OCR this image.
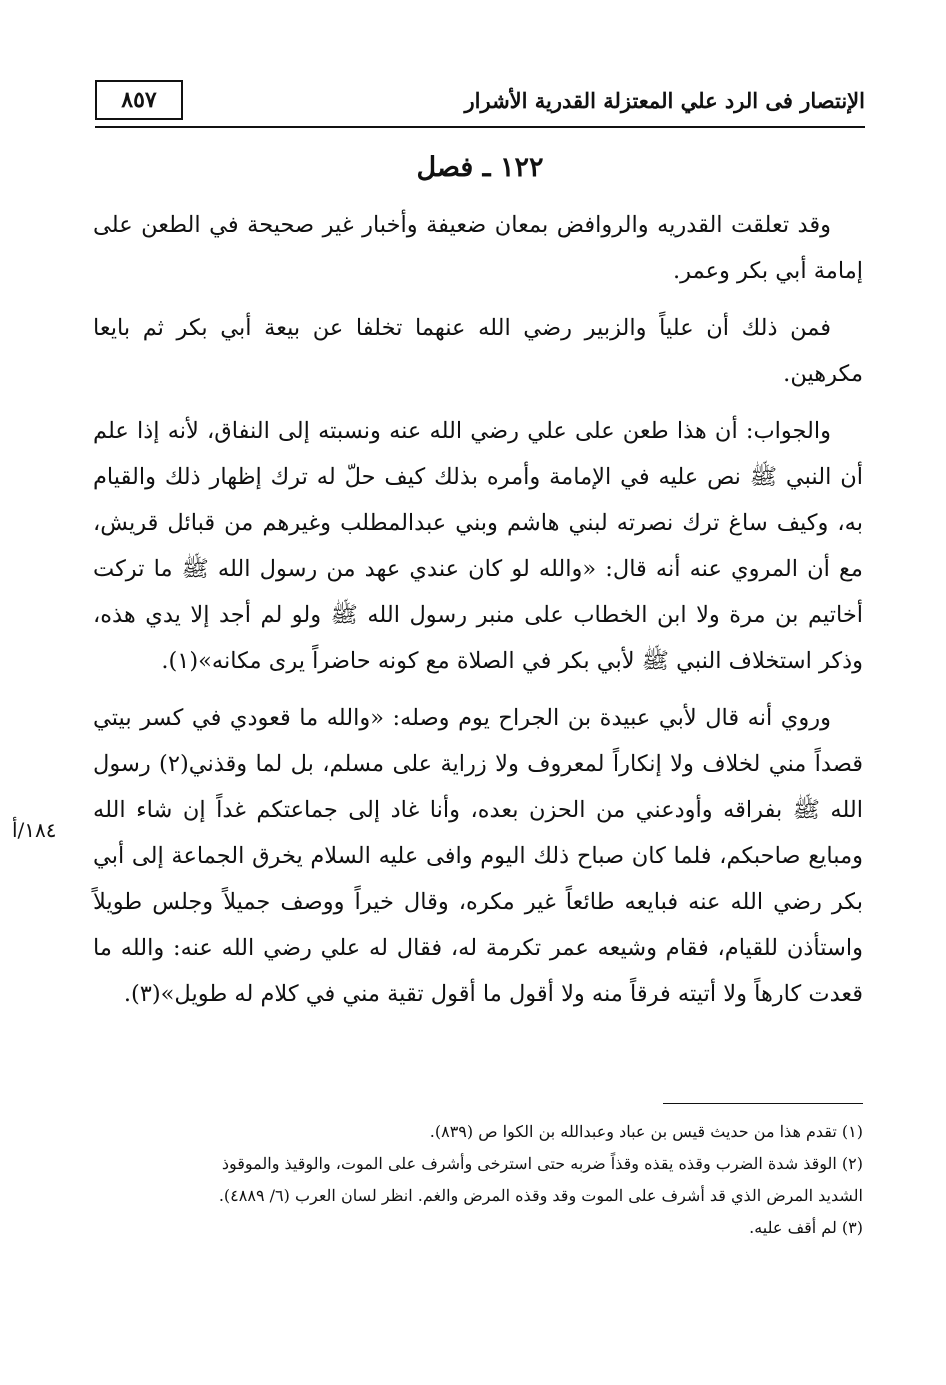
الإنتصار فى الرد علي المعتزلة القدرية الأشرار
٨٥٧
١٢٢ ـ فصل

وقد تعلقت القدريه والروافض بمعان ضعيفة وأخبار غير صحيحة في الطعن على إمامة أبي بكر وعمر.

فمن ذلك أن علياً والزبير رضي الله عنهما تخلفا عن بيعة أبي بكر ثم بايعا مكرهين.

والجواب: أن هذا طعن على علي رضي الله عنه ونسبته إلى النفاق، لأنه إذا علم أن النبي ﷺ نص عليه في الإمامة وأمره بذلك كيف حلّ له ترك إظهار ذلك والقيام به، وكيف ساغ ترك نصرته لبني هاشم وبني عبدالمطلب وغيرهم من قبائل قريش، مع أن المروي عنه أنه قال: «والله لو كان عندي عهد من رسول الله ﷺ ما تركت أخاتيم بن مرة ولا ابن الخطاب على منبر رسول الله ﷺ ولو لم أجد إلا يدي هذه، وذكر استخلاف النبي ﷺ لأبي بكر في الصلاة مع كونه حاضراً يرى مكانه»(١).

وروي أنه قال لأبي عبيدة بن الجراح يوم وصله: «والله ما قعودي في كسر بيتي قصداً مني لخلاف ولا إنكاراً لمعروف ولا زراية على مسلم، بل لما وقذني(٢) رسول الله ﷺ بفراقه وأودعني من الحزن بعده، وأنا غاد إلى جماعتكم غداً إن شاء الله ومبايع صاحبكم، فلما كان صباح ذلك اليوم وافى عليه السلام يخرق الجماعة إلى أبي بكر رضي الله عنه فبايعه طائعاً غير مكره، وقال خيراً ووصف جميلاً وجلس طويلاً واستأذن للقيام، فقام وشيعه عمر تكرمة له، فقال له علي رضي الله عنه: والله ما قعدت كارهاً ولا أتيته فرقاً منه ولا أقول ما أقول تقية مني في كلام له طويل»(٣).

١٨٤/أ

(١) تقدم هذا من حديث قيس بن عباد وعبدالله بن الكوا ص (٨٣٩).

(٢) الوقذ شدة الضرب وقذه يقذه وقذاً ضربه حتى استرخى وأشرف على الموت، والوقيذ والموقوذ

الشديد المرض الذي قد أشرف على الموت وقد وقذه المرض والغم. انظر لسان العرب (٦/ ٤٨٨٩).

(٣) لم أقف عليه.
